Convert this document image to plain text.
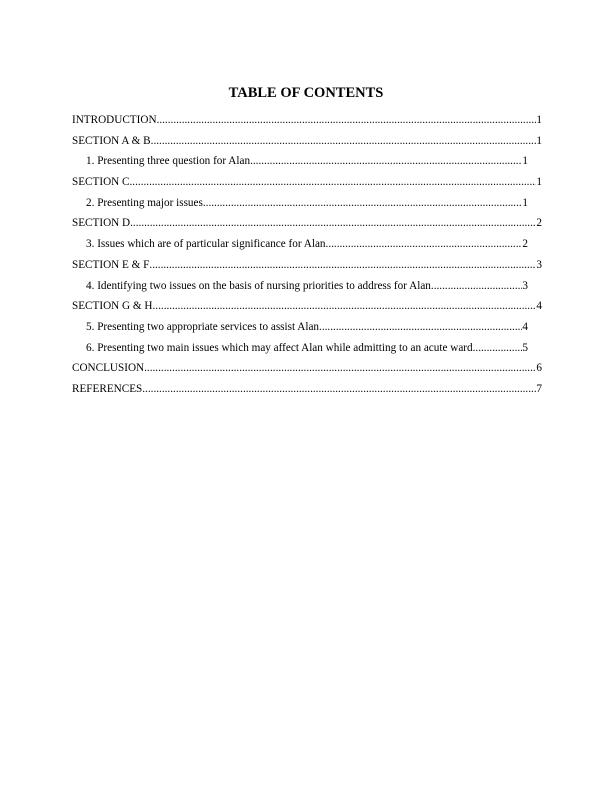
TABLE OF CONTENTS
INTRODUCTION .....	1
SECTION A & B .....	1
1. Presenting three question for Alan .....	1
SECTION C .....	1
2. Presenting major issues .....	1
SECTION D .....	2
3. Issues which are of particular significance for Alan .....	2
SECTION E & F .....	3
4. Identifying two issues on the basis of nursing priorities to address for Alan .....	3
SECTION G & H .....	4
5. Presenting two appropriate services to assist Alan .....	4
6. Presenting two main issues which may affect Alan while admitting to an acute ward .....	5
CONCLUSION .....	6
REFERENCES .....	7
